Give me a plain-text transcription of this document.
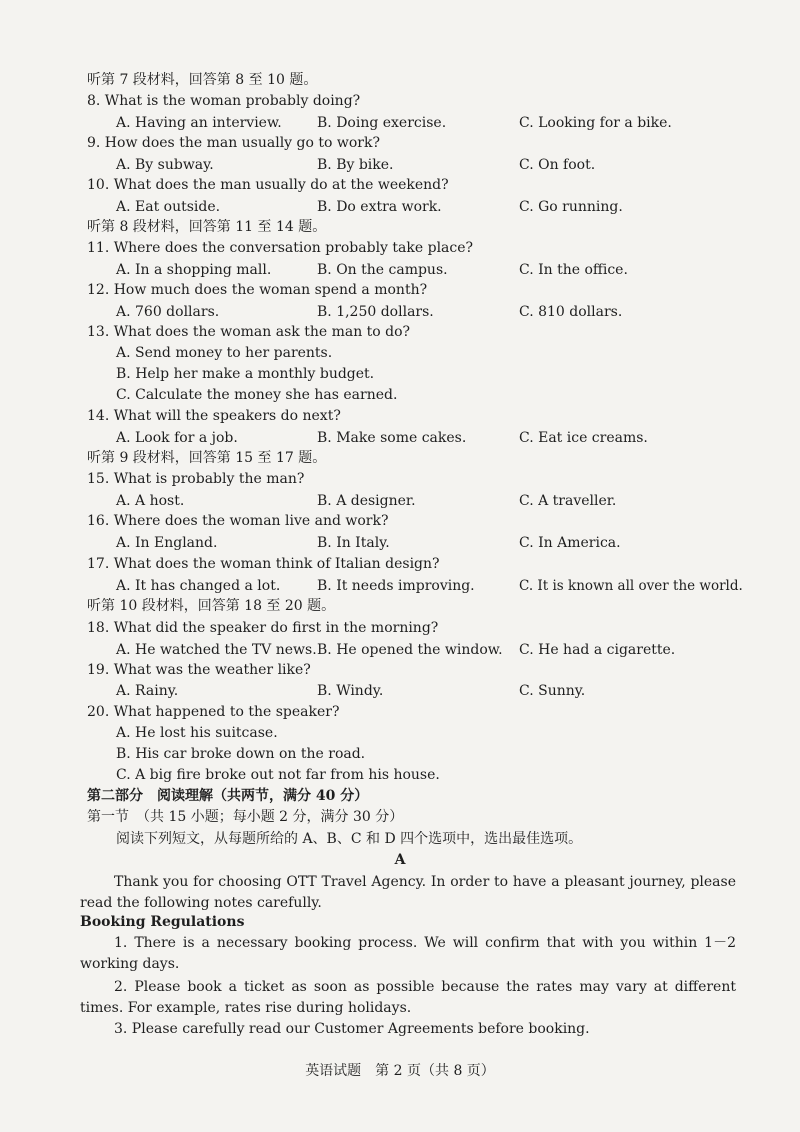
听第 7 段材料，回答第 8 至 10 题。
8. What is the woman probably doing?
A. Having an interview.	B. Doing exercise.	C. Looking for a bike.
9. How does the man usually go to work?
A. By subway.	B. By bike.	C. On foot.
10. What does the man usually do at the weekend?
A. Eat outside.	B. Do extra work.	C. Go running.
听第 8 段材料，回答第 11 至 14 题。
11. Where does the conversation probably take place?
A. In a shopping mall.	B. On the campus.	C. In the office.
12. How much does the woman spend a month?
A. 760 dollars.	B. 1,250 dollars.	C. 810 dollars.
13. What does the woman ask the man to do?
A. Send money to her parents.
B. Help her make a monthly budget.
C. Calculate the money she has earned.
14. What will the speakers do next?
A. Look for a job.	B. Make some cakes.	C. Eat ice creams.
听第 9 段材料，回答第 15 至 17 题。
15. What is probably the man?
A. A host.	B. A designer.	C. A traveller.
16. Where does the woman live and work?
A. In England.	B. In Italy.	C. In America.
17. What does the woman think of Italian design?
A. It has changed a lot.	B. It needs improving.	C. It is known all over the world.
听第 10 段材料，回答第 18 至 20 题。
18. What did the speaker do first in the morning?
A. He watched the TV news. B. He opened the window. C. He had a cigarette.
19. What was the weather like?
A. Rainy.	B. Windy.	C. Sunny.
20. What happened to the speaker?
A. He lost his suitcase.
B. His car broke down on the road.
C. A big fire broke out not far from his house.
第二部分　阅读理解（共两节，满分 40 分）
第一节　（共 15 小题；每小题 2 分，满分 30 分）
阅读下列短文，从每题所给的 A、B、C 和 D 四个选项中，选出最佳选项。
A

Thank you for choosing OTT Travel Agency. In order to have a pleasant journey, please read the following notes carefully.

Booking Regulations

1. There is a necessary booking process. We will confirm that with you within 1－2 working days.

2. Please book a ticket as soon as possible because the rates may vary at different times. For example, rates rise during holidays.

3. Please carefully read our Customer Agreements before booking.

英语试题　第 2 页（共 8 页）
